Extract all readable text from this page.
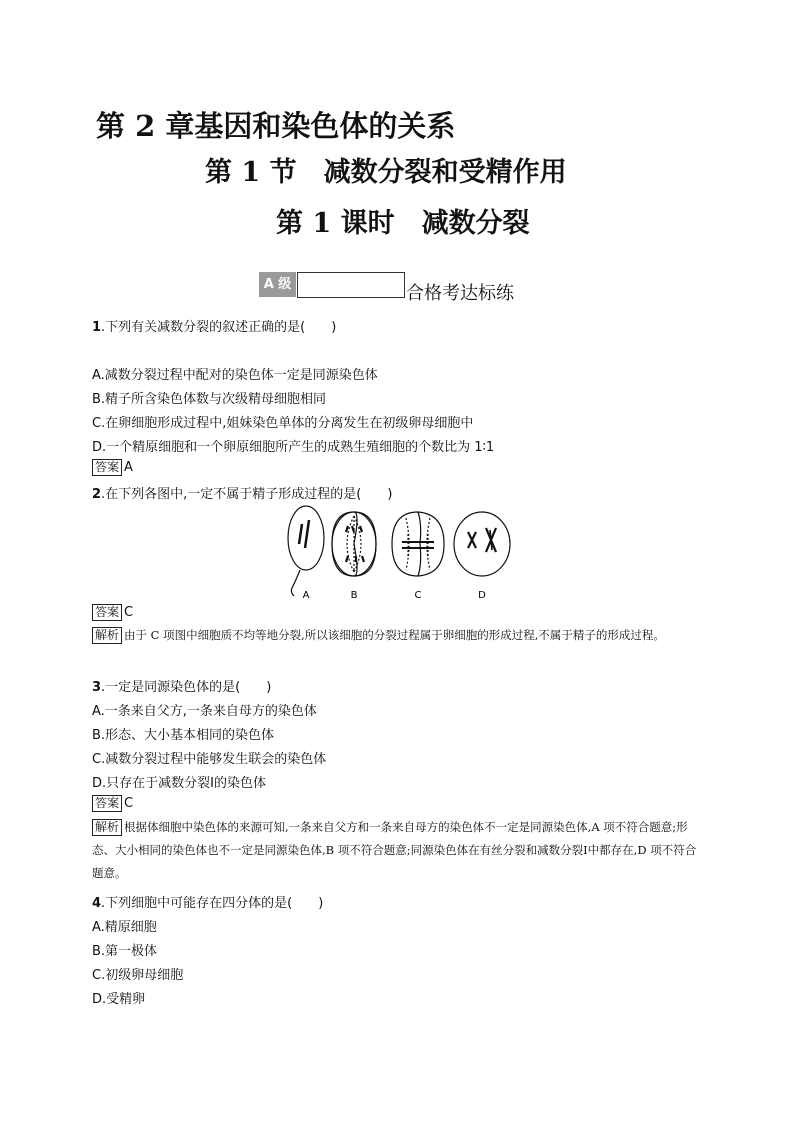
第 2 章基因和染色体的关系
第 1 节　减数分裂和受精作用
第 1 课时　减数分裂
A 级	合格考达标练
1.下列有关减数分裂的叙述正确的是(　　)
A.减数分裂过程中配对的染色体一定是同源染色体
B.精子所含染色体数与次级精母细胞相同
C.在卵细胞形成过程中,姐妹染色单体的分离发生在初级卵母细胞中
D.一个精原细胞和一个卵原细胞所产生的成熟生殖细胞的个数比为 1∶1
答案 A
2.在下列各图中,一定不属于精子形成过程的是(　　)
A	B	C	D
答案 C
解析 由于 C 项图中细胞质不均等地分裂,所以该细胞的分裂过程属于卵细胞的形成过程,不属于精子的形成过程。
3.一定是同源染色体的是(　　)
A.一条来自父方,一条来自母方的染色体
B.形态、大小基本相同的染色体
C.减数分裂过程中能够发生联会的染色体
D.只存在于减数分裂Ⅰ的染色体
答案 C
解析 根据体细胞中染色体的来源可知,一条来自父方和一条来自母方的染色体不一定是同源染色体,A 项不符合题意;形态、大小相同的染色体也不一定是同源染色体,B 项不符合题意;同源染色体在有丝分裂和减数分裂Ⅰ中都存在,D 项不符合题意。
4.下列细胞中可能存在四分体的是(　　)
A.精原细胞
B.第一极体
C.初级卵母细胞
D.受精卵
